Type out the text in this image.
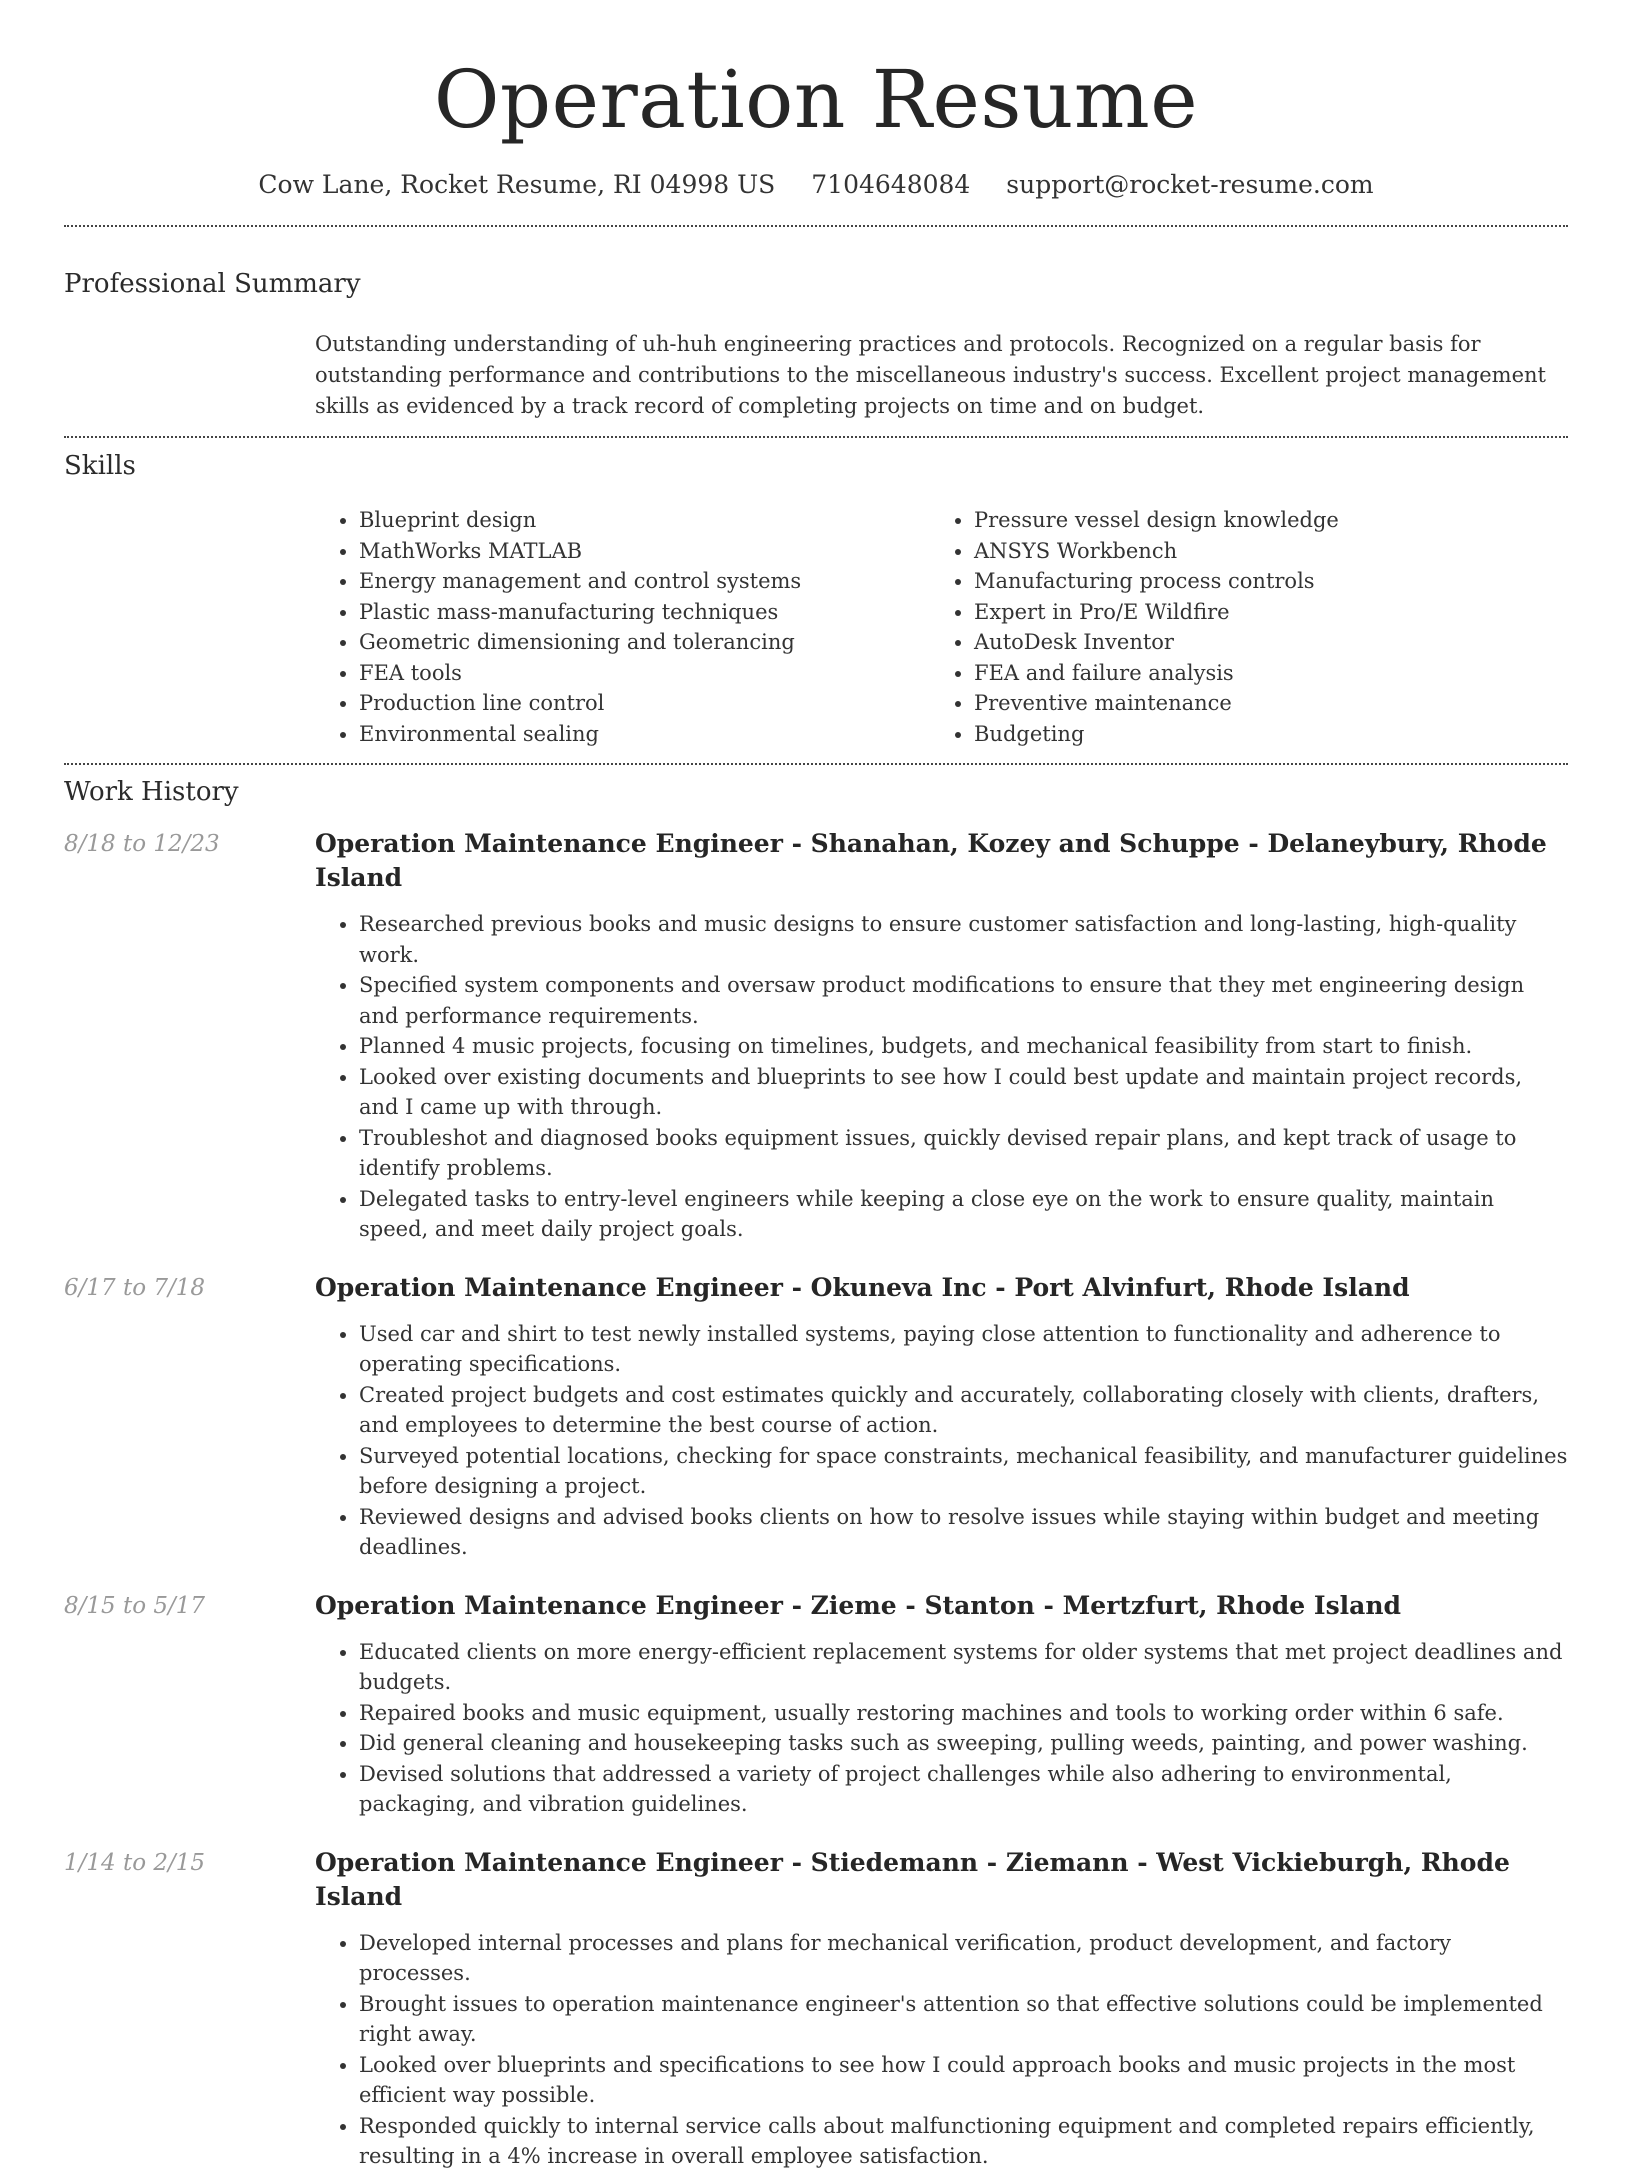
Operation Resume
Cow Lane, Rocket Resume, RI 04998 US 7104648084 support@rocket-resume.com
Professional Summary

Outstanding understanding of uh-huh engineering practices and protocols. Recognized on a regular basis for outstanding performance and contributions to the miscellaneous industry's success. Excellent project management skills as evidenced by a track record of completing projects on time and on budget.

Skills
• Blueprint design
• MathWorks MATLAB
• Energy management and control systems
• Plastic mass-manufacturing techniques
• Geometric dimensioning and tolerancing
• FEA tools
• Production line control
• Environmental sealing
• Pressure vessel design knowledge
• ANSYS Workbench
• Manufacturing process controls
• Expert in Pro/E Wildfire
• AutoDesk Inventor
• FEA and failure analysis
• Preventive maintenance
• Budgeting
Work History
8/18 to 12/23	Operation Maintenance Engineer - Shanahan, Kozey and Schuppe - Delaneybury, Rhode Island
• Researched previous books and music designs to ensure customer satisfaction and long-lasting, high-quality work.
• Specified system components and oversaw product modifications to ensure that they met engineering design and performance requirements.
• Planned 4 music projects, focusing on timelines, budgets, and mechanical feasibility from start to finish.
• Looked over existing documents and blueprints to see how I could best update and maintain project records, and I came up with through.
• Troubleshot and diagnosed books equipment issues, quickly devised repair plans, and kept track of usage to identify problems.
• Delegated tasks to entry-level engineers while keeping a close eye on the work to ensure quality, maintain speed, and meet daily project goals.
6/17 to 7/18	Operation Maintenance Engineer - Okuneva Inc - Port Alvinfurt, Rhode Island
• Used car and shirt to test newly installed systems, paying close attention to functionality and adherence to operating specifications.
• Created project budgets and cost estimates quickly and accurately, collaborating closely with clients, drafters, and employees to determine the best course of action.
• Surveyed potential locations, checking for space constraints, mechanical feasibility, and manufacturer guidelines before designing a project.
• Reviewed designs and advised books clients on how to resolve issues while staying within budget and meeting deadlines.
8/15 to 5/17	Operation Maintenance Engineer - Zieme - Stanton - Mertzfurt, Rhode Island
• Educated clients on more energy-efficient replacement systems for older systems that met project deadlines and budgets.
• Repaired books and music equipment, usually restoring machines and tools to working order within 6 safe.
• Did general cleaning and housekeeping tasks such as sweeping, pulling weeds, painting, and power washing.
• Devised solutions that addressed a variety of project challenges while also adhering to environmental, packaging, and vibration guidelines.
1/14 to 2/15	Operation Maintenance Engineer - Stiedemann - Ziemann - West Vickieburgh, Rhode Island
• Developed internal processes and plans for mechanical verification, product development, and factory processes.
• Brought issues to operation maintenance engineer's attention so that effective solutions could be implemented right away.
• Looked over blueprints and specifications to see how I could approach books and music projects in the most efficient way possible.
• Responded quickly to internal service calls about malfunctioning equipment and completed repairs efficiently, resulting in a 4% increase in overall employee satisfaction.
